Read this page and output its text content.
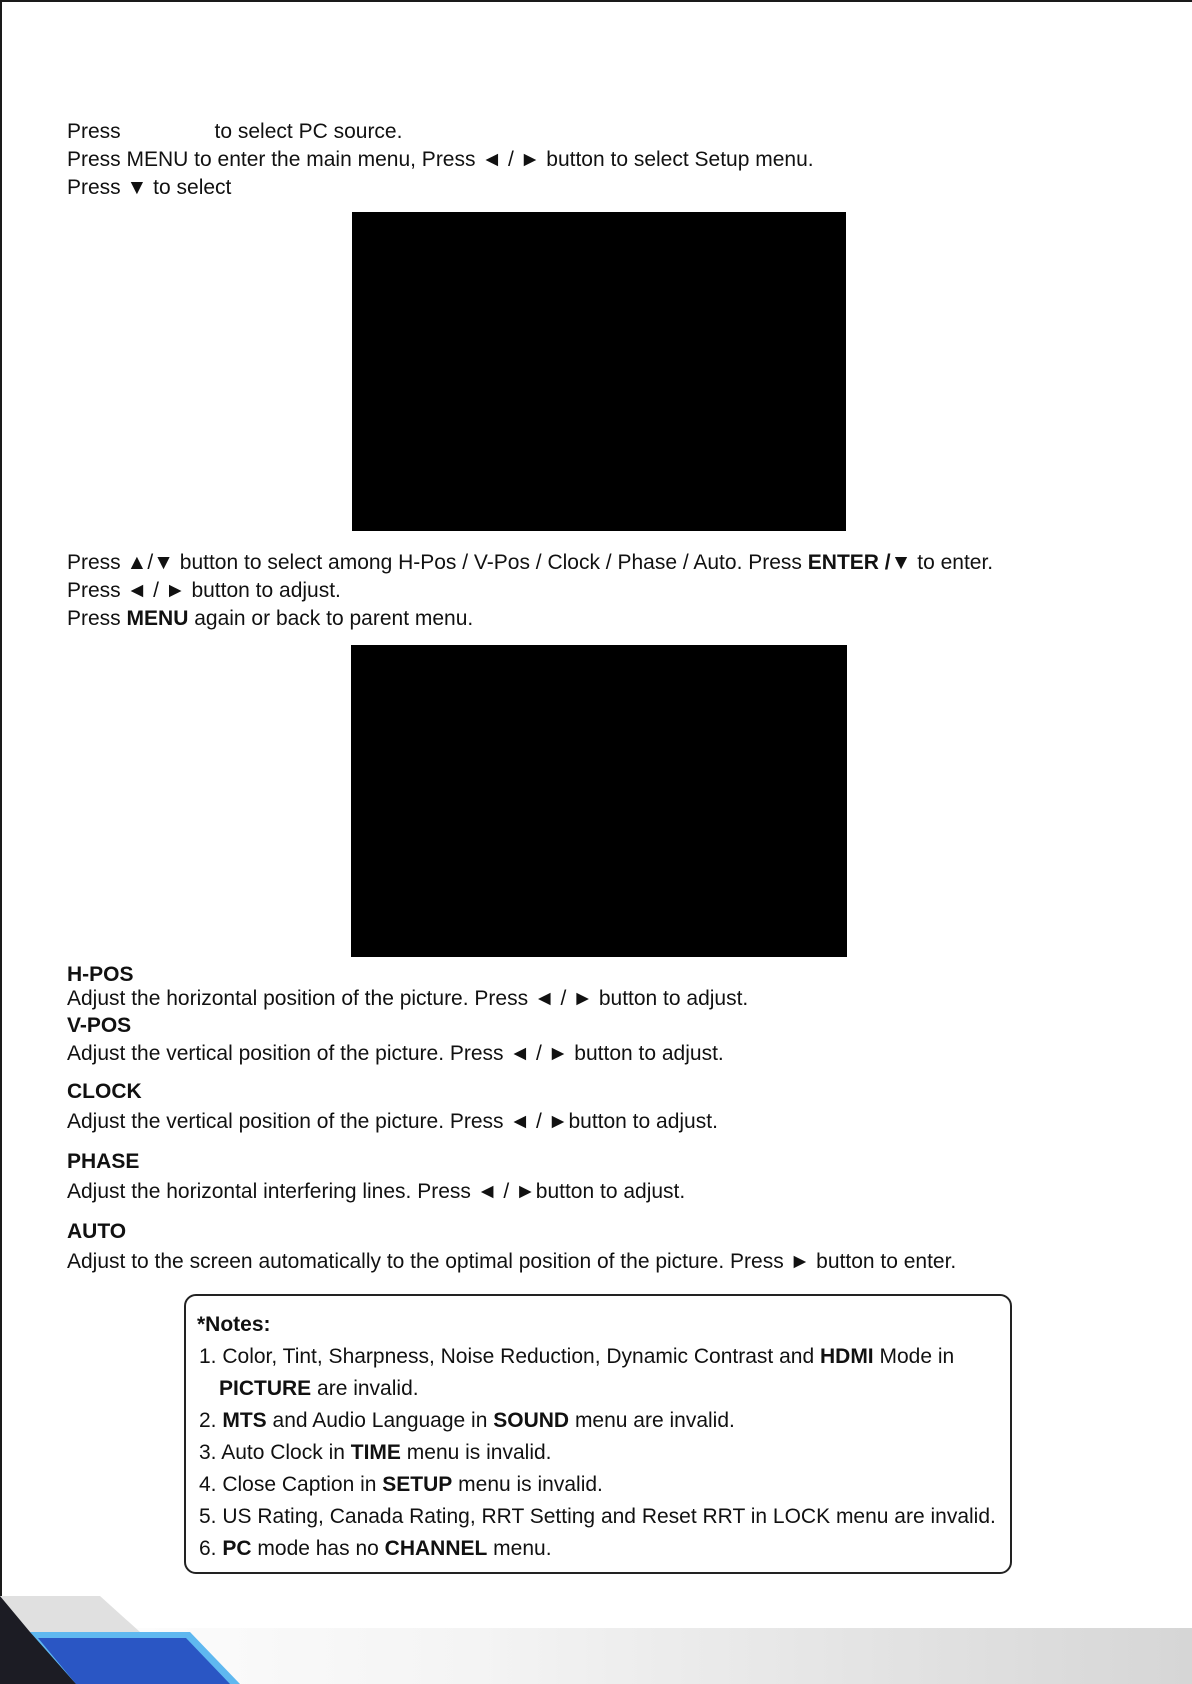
Press	to select PC source.
Press MENU to enter the main menu, Press ◄ / ► button to select Setup menu.
Press ▼ to select
Press ▲/▼ button to select among H-Pos / V-Pos / Clock / Phase / Auto. Press ENTER /▼ to enter.
Press ◄ / ► button to adjust.
Press MENU again or back to parent menu.
H-POS
Adjust the horizontal position of the picture. Press ◄ / ► button to adjust.
V-POS
Adjust the vertical position of the picture. Press ◄ / ► button to adjust.
CLOCK
Adjust the vertical position of the picture. Press ◄ / ►button to adjust.
PHASE
Adjust the horizontal interfering lines. Press ◄ / ►button to adjust.
AUTO
Adjust to the screen automatically to the optimal position of the picture. Press ► button to enter.
*Notes:
1. Color, Tint, Sharpness, Noise Reduction, Dynamic Contrast and HDMI Mode in
PICTURE are invalid.
2. MTS and Audio Language in SOUND menu are invalid.
3. Auto Clock in TIME menu is invalid.
4. Close Caption in SETUP menu is invalid.
5. US Rating, Canada Rating, RRT Setting and Reset RRT in LOCK menu are invalid.
6. PC mode has no CHANNEL menu.
